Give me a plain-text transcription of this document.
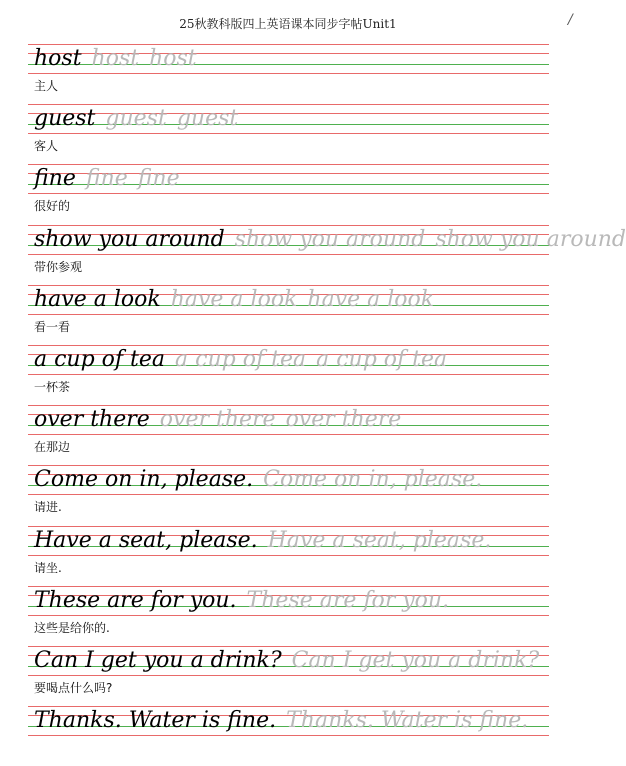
25秋教科版四上英语课本同步字帖Unit1	/
host host host
主人
guest guest guest
客人
fine fine fine
很好的
show you around show you around show you around
带你参观
have a look have a look have a look
看一看
a cup of tea a cup of tea a cup of tea
一杯茶
over there over there over there
在那边
Come on in, please. Come on in, please.
请进.
Have a seat, please. Have a seat, please.
请坐.
These are for you. These are for you.
这些是给你的.
Can I get you a drink? Can I get you a drink?
要喝点什么吗?
Thanks. Water is fine. Thanks. Water is fine.
